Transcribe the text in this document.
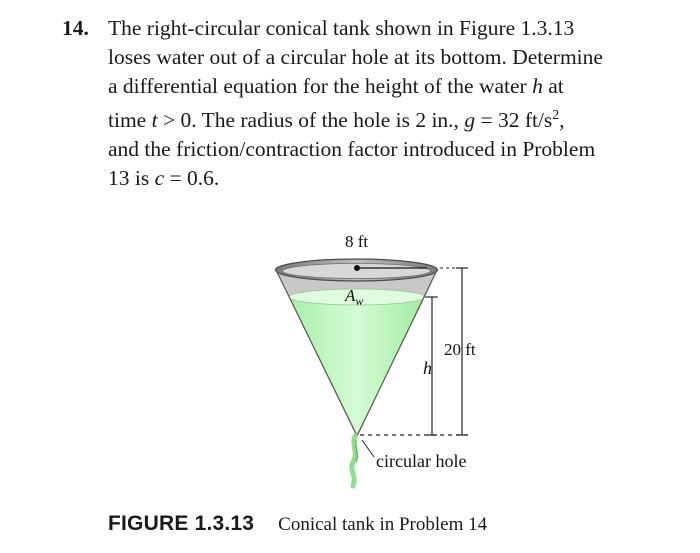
14. The right-circular conical tank shown in Figure 1.3.13
loses water out of a circular hole at its bottom. Determine
a differential equation for the height of the water h at
time t > 0. The radius of the hole is 2 in., g = 32 $ft/s^2$,
and the friction/contraction factor introduced in Problem
13 is c = 0.6.
8 ft
$A_w$
20 ft
h
circular hole
FIGURE 1.3.13 Conical tank in Problem 14
